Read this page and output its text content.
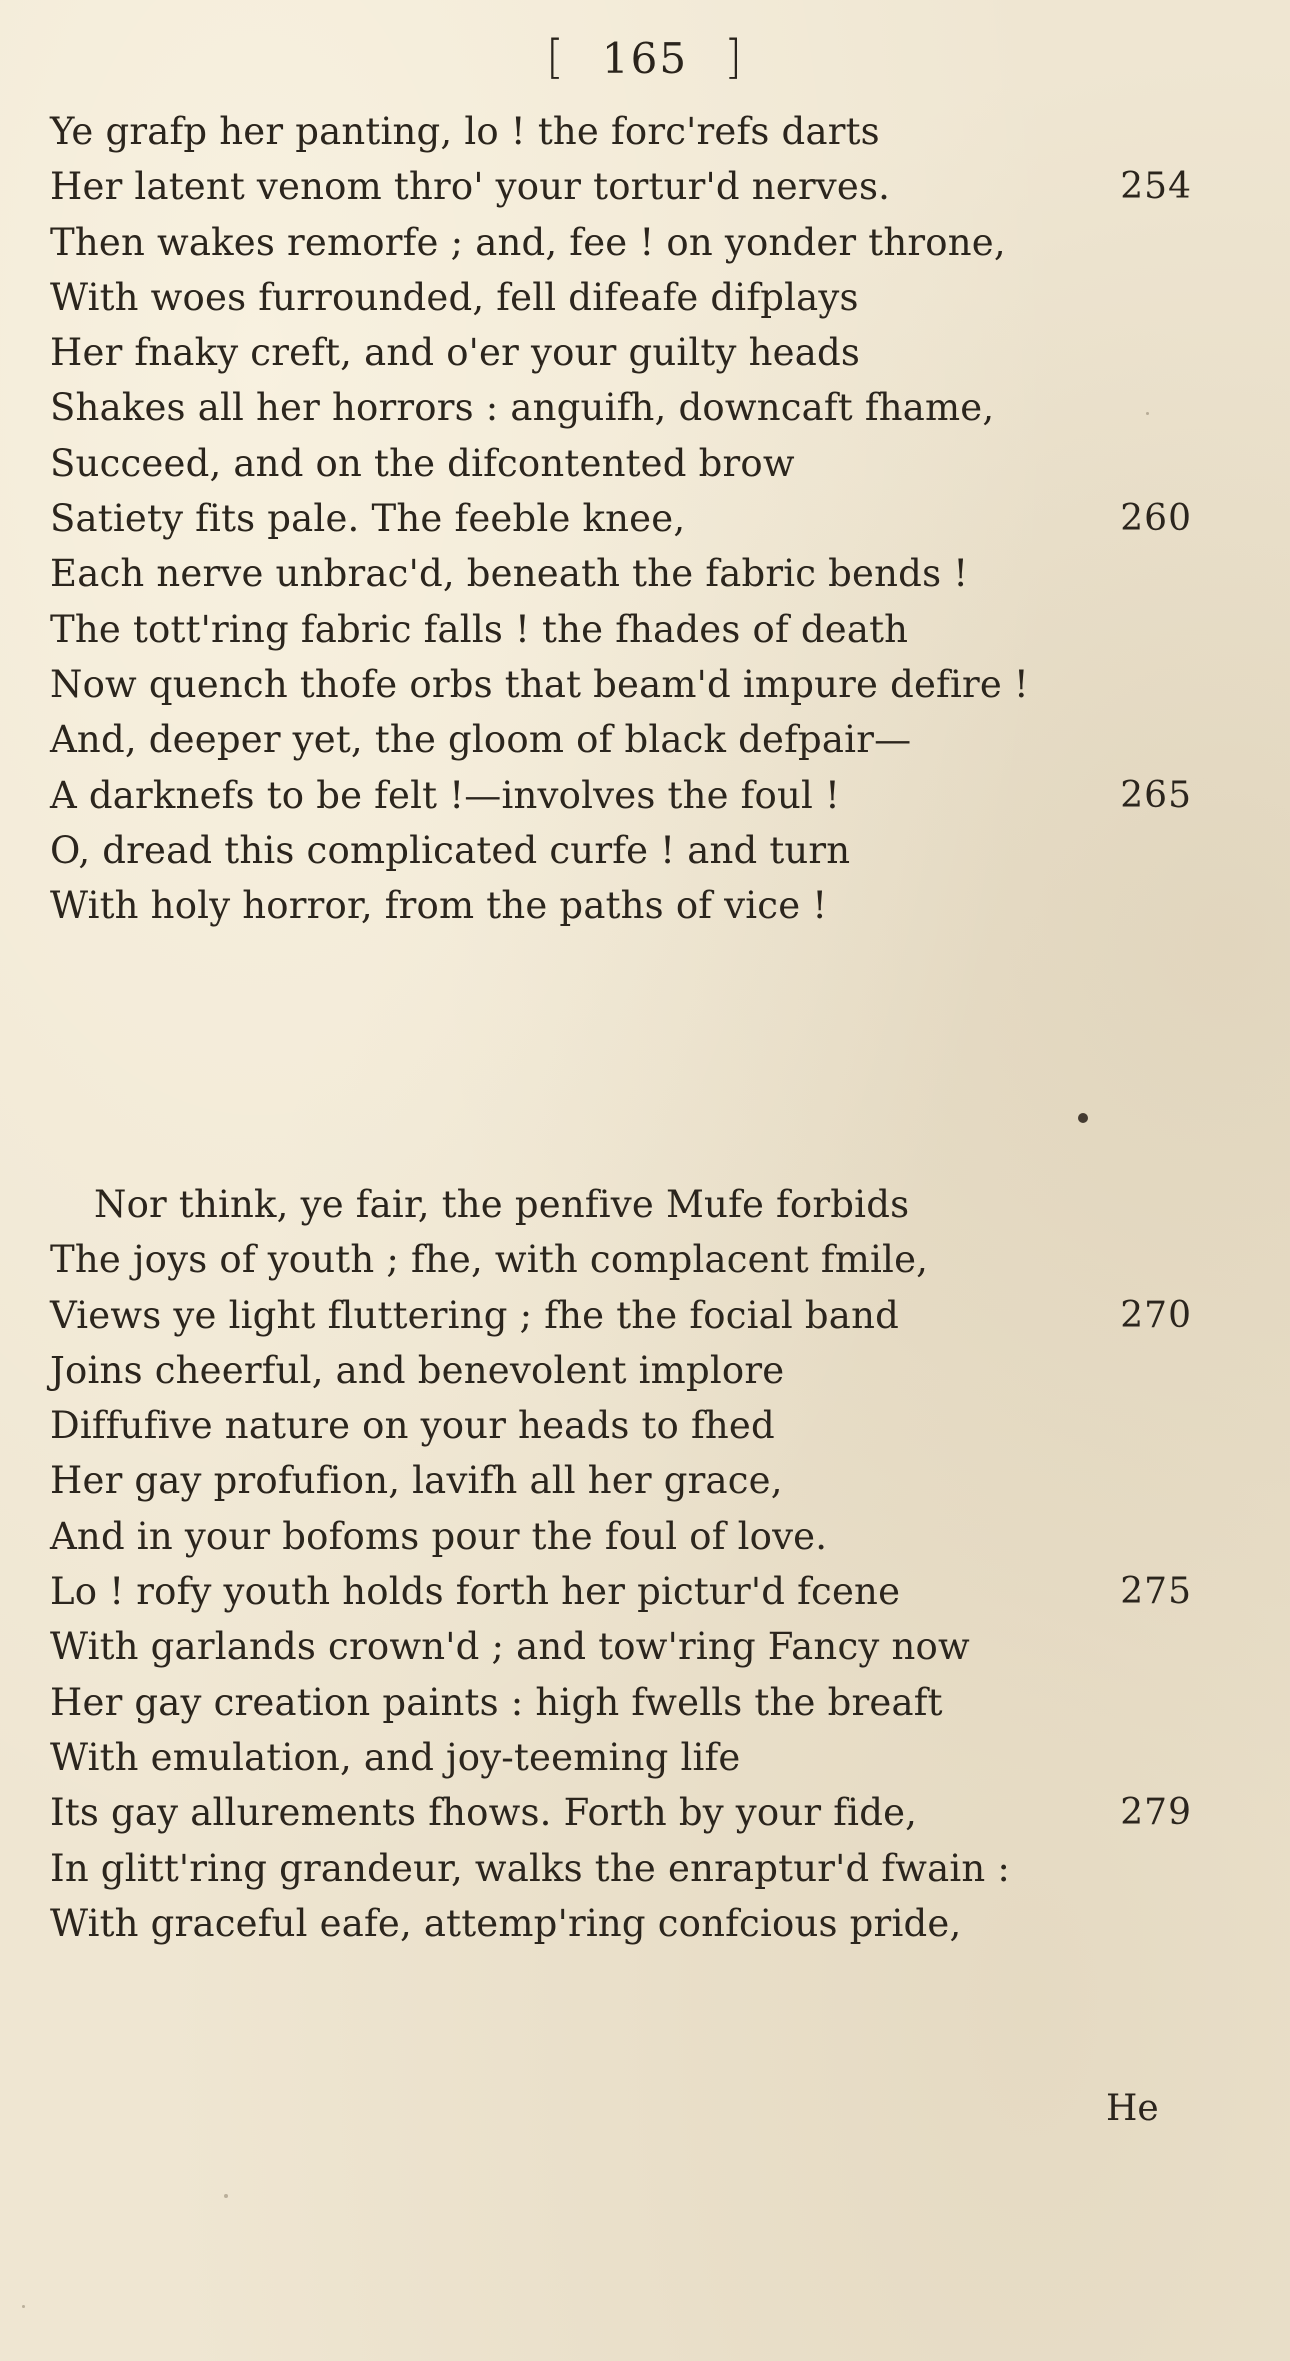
[ 165 ]
Ye grafp her panting, lo ! the forc'refs darts
Her latent venom thro' your tortur'd nerves.	254
Then wakes remorfe ; and, fee ! on yonder throne,
With woes furrounded, fell difeafe difplays
Her fnaky creft, and o'er your guilty heads
Shakes all her horrors : anguifh, downcaft fhame,
Succeed, and on the difcontented brow
Satiety fits pale. The feeble knee,	260
Each nerve unbrac'd, beneath the fabric bends !
The tott'ring fabric falls ! the fhades of death
Now quench thofe orbs that beam'd impure defire !
And, deeper yet, the gloom of black defpair—
A darknefs to be felt !—involves the foul !	265
O, dread this complicated curfe ! and turn
With holy horror, from the paths of vice !
Nor think, ye fair, the penfive Mufe forbids
The joys of youth ; fhe, with complacent fmile,
Views ye light fluttering ; fhe the focial band	270
Joins cheerful, and benevolent implore
Diffufive nature on your heads to fhed
Her gay profufion, lavifh all her grace,
And in your bofoms pour the foul of love.
Lo ! rofy youth holds forth her pictur'd fcene	275
With garlands crown'd ; and tow'ring Fancy now
Her gay creation paints : high fwells the breaft
With emulation, and joy-teeming life
Its gay allurements fhows. Forth by your fide,	279
In glitt'ring grandeur, walks the enraptur'd fwain :
With graceful eafe, attemp'ring confcious pride,
He
